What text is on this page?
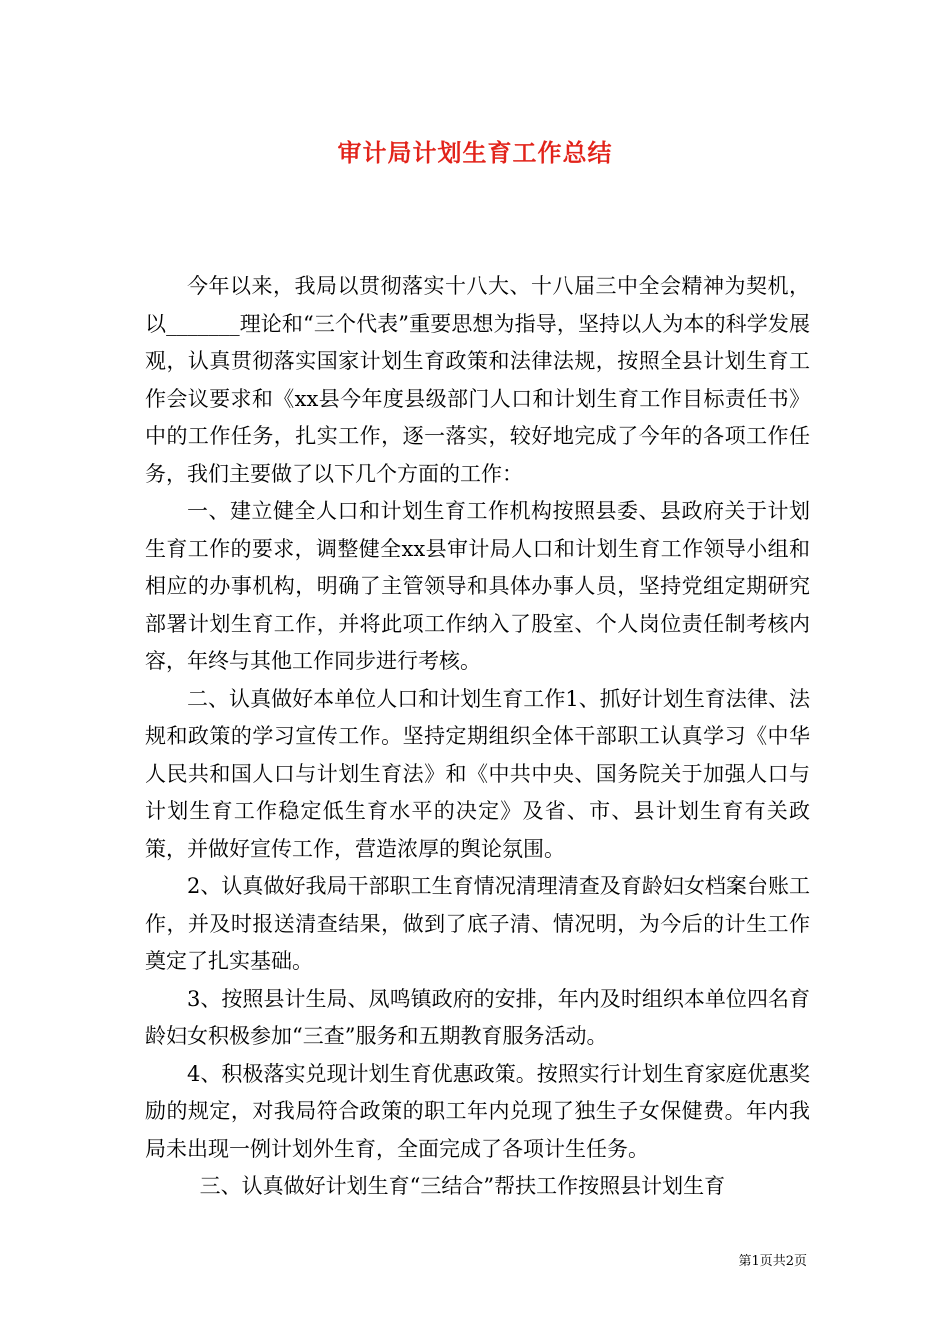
审计局计划生育工作总结

今年以来，我局以贯彻落实十八大、十八届三中全会精神为契机，以_______理论和“三个代表”重要思想为指导，坚持以人为本的科学发展观，认真贯彻落实国家计划生育政策和法律法规，按照全县计划生育工作会议要求和《xx县今年度县级部门人口和计划生育工作目标责任书》中的工作任务，扎实工作，逐一落实，较好地完成了今年的各项工作任务，我们主要做了以下几个方面的工作：

一、建立健全人口和计划生育工作机构按照县委、县政府关于计划生育工作的要求，调整健全xx县审计局人口和计划生育工作领导小组和相应的办事机构，明确了主管领导和具体办事人员，坚持党组定期研究部署计划生育工作，并将此项工作纳入了股室、个人岗位责任制考核内容，年终与其他工作同步进行考核。

二、认真做好本单位人口和计划生育工作1、抓好计划生育法律、法规和政策的学习宣传工作。坚持定期组织全体干部职工认真学习《中华人民共和国人口与计划生育法》和《中共中央、国务院关于加强人口与计划生育工作稳定低生育水平的决定》及省、市、县计划生育有关政策，并做好宣传工作，营造浓厚的舆论氛围。

2、认真做好我局干部职工生育情况清理清查及育龄妇女档案台账工作，并及时报送清查结果，做到了底子清、情况明，为今后的计生工作奠定了扎实基础。

3、按照县计生局、凤鸣镇政府的安排，年内及时组织本单位四名育龄妇女积极参加“三查”服务和五期教育服务活动。

4、积极落实兑现计划生育优惠政策。按照实行计划生育家庭优惠奖励的规定，对我局符合政策的职工年内兑现了独生子女保健费。年内我局未出现一例计划外生育，全面完成了各项计生任务。

三、认真做好计划生育“三结合”帮扶工作按照县计划生育

第1页共2页
